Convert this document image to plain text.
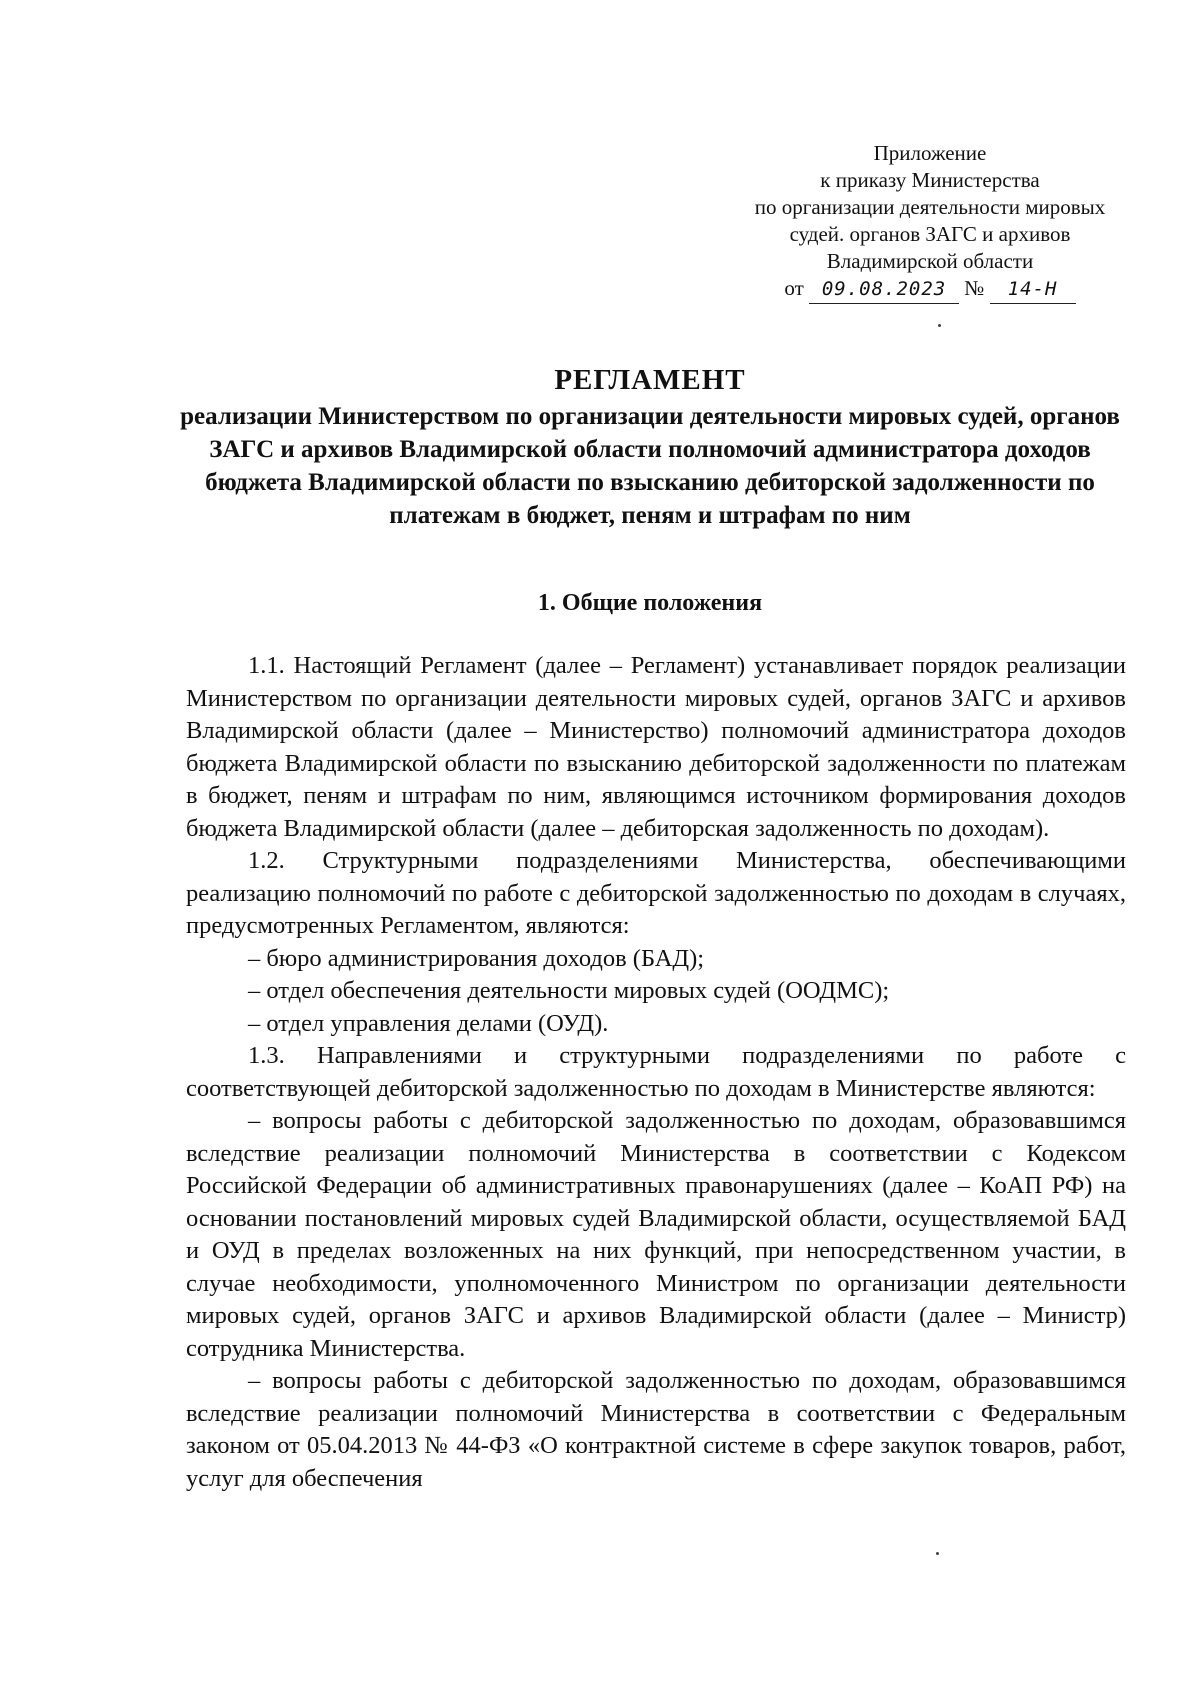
Приложение
к приказу Министерства
по организации деятельности мировых
судей. органов ЗАГС и архивов
Владимирской области
от 09.08.2023 № 14-Н
РЕГЛАМЕНТ
реализации Министерством по организации деятельности мировых судей, органов ЗАГС и архивов Владимирской области полномочий администратора доходов бюджета Владимирской области по взысканию дебиторской задолженности по платежам в бюджет, пеням и штрафам по ним
1. Общие положения

1.1. Настоящий Регламент (далее – Регламент) устанавливает порядок реализации Министерством по организации деятельности мировых судей, органов ЗАГС и архивов Владимирской области (далее – Министерство) полномочий администратора доходов бюджета Владимирской области по взысканию дебиторской задолженности по платежам в бюджет, пеням и штрафам по ним, являющимся источником формирования доходов бюджета Владимирской области (далее – дебиторская задолженность по доходам).

1.2. Структурными подразделениями Министерства, обеспечивающими реализацию полномочий по работе с дебиторской задолженностью по доходам в случаях, предусмотренных Регламентом, являются:

– бюро администрирования доходов (БАД);

– отдел обеспечения деятельности мировых судей (ООДМС);

– отдел управления делами (ОУД).

1.3. Направлениями и структурными подразделениями по работе с соответствующей дебиторской задолженностью по доходам в Министерстве являются:

– вопросы работы с дебиторской задолженностью по доходам, образовавшимся вследствие реализации полномочий Министерства в соответствии с Кодексом Российской Федерации об административных правонарушениях (далее – КоАП РФ) на основании постановлений мировых судей Владимирской области, осуществляемой БАД и ОУД в пределах возложенных на них функций, при непосредственном участии, в случае необходимости, уполномоченного Министром по организации деятельности мировых судей, органов ЗАГС и архивов Владимирской области (далее – Министр) сотрудника Министерства.

– вопросы работы с дебиторской задолженностью по доходам, образовавшимся вследствие реализации полномочий Министерства в соответствии с Федеральным законом от 05.04.2013 № 44-ФЗ «О контрактной системе в сфере закупок товаров, работ, услуг для обеспечения
